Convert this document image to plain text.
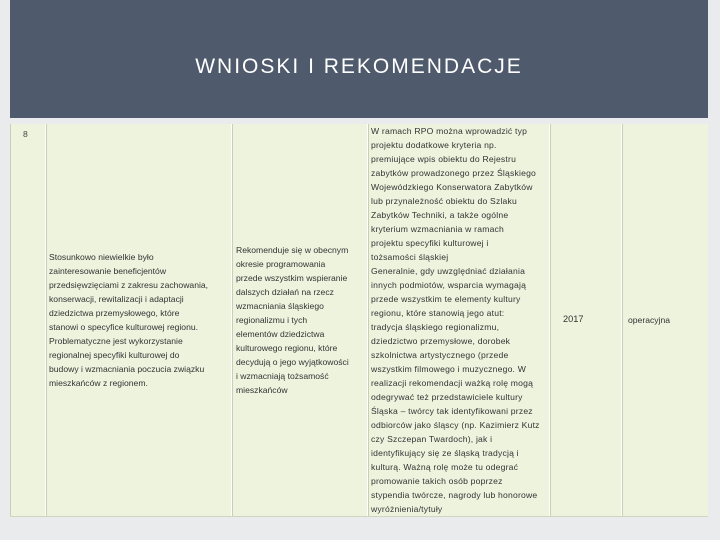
WNIOSKI I REKOMENDACJE
8
Stosunkowo niewielkie było
zainteresowanie beneficjentów
przedsięwzięciami z zakresu zachowania,
konserwacji, rewitalizacji i adaptacji
dziedzictwa przemysłowego, które
stanowi o specyfice kulturowej regionu.
Problematyczne jest wykorzystanie
regionalnej specyfiki kulturowej do
budowy i wzmacniania poczucia związku
mieszkańców z regionem.
Rekomenduje się w obecnym
okresie programowania
przede wszystkim wspieranie
dalszych działań na rzecz
wzmacniania śląskiego
regionalizmu i tych
elementów dziedzictwa
kulturowego regionu, które
decydują o jego wyjątkowości
i wzmacniają tożsamość
mieszkańców
W ramach RPO można wprowadzić typ
projektu dodatkowe kryteria np.
premiujące wpis obiektu do Rejestru
zabytków prowadzonego przez Śląskiego
Wojewódzkiego Konserwatora Zabytków
lub przynależność obiektu do Szlaku
Zabytków Techniki, a także ogólne
kryterium wzmacniania w ramach
projektu specyfiki kulturowej i
tożsamości śląskiej
Generalnie, gdy uwzględniać działania
innych podmiotów, wsparcia wymagają
przede wszystkim te elementy kultury
regionu, które stanowią jego atut:
tradycja śląskiego regionalizmu,
dziedzictwo przemysłowe, dorobek
szkolnictwa artystycznego (przede
wszystkim filmowego i muzycznego. W
realizacji rekomendacji ważką rolę mogą
odegrywać też przedstawiciele kultury
Śląska – twórcy tak identyfikowani przez
odbiorców jako śląscy (np. Kazimierz Kutz
czy Szczepan Twardoch), jak i
identyfikujący się ze śląską tradycją i
kulturą. Ważną rolę może tu odegrać
promowanie takich osób poprzez
stypendia twórcze, nagrody lub honorowe
wyróżnienia/tytuły
2017	operacyjna
